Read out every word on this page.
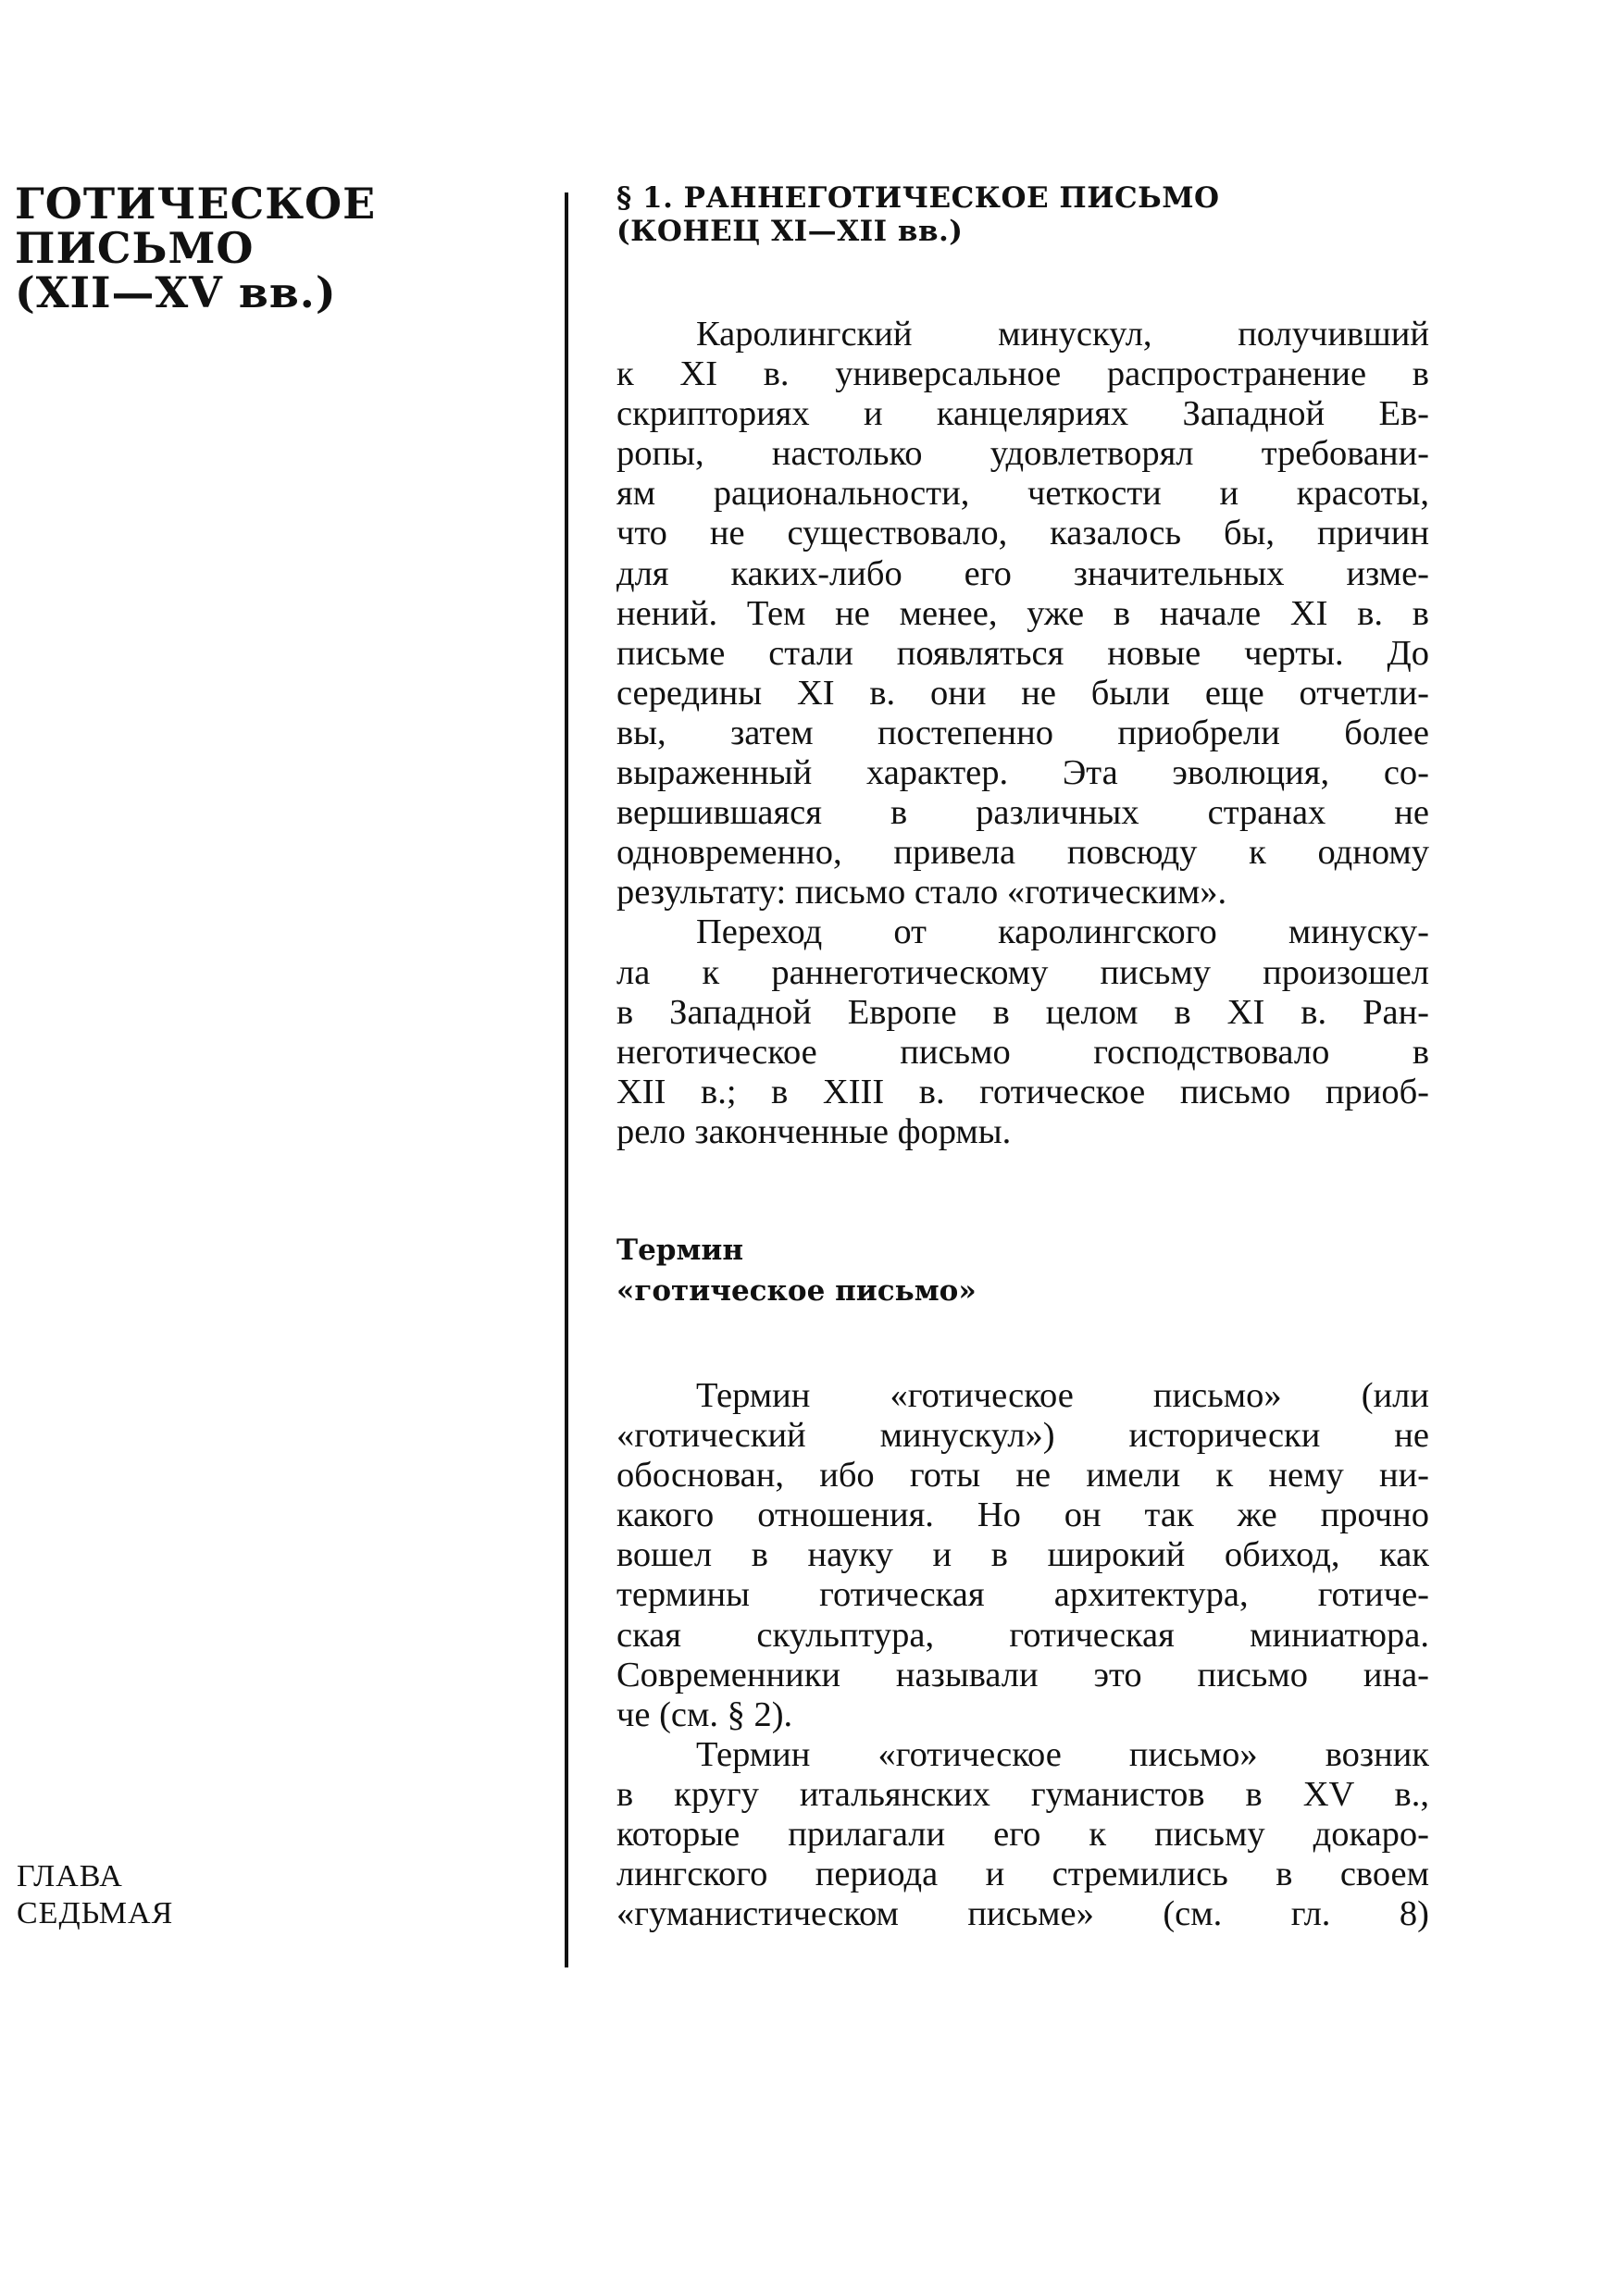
ГОТИЧЕСКОЕ
ПИСЬМО
(XII—XV вв.)
ГЛАВА
СЕДЬМАЯ
§ 1. РАННЕГОТИЧЕСКОЕ ПИСЬМО
(КОНЕЦ XI—XII вв.)

Каролингский минускул, получивший
к XI в. универсальное распространение в
скрипториях и канцеляриях Западной Ев-
ропы, настолько удовлетворял требовани-
ям рациональности, четкости и красоты,
что не существовало, казалось бы, причин
для каких-либо его значительных изме-
нений. Тем не менее, уже в начале XI в. в
письме стали появляться новые черты. До
середины XI в. они не были еще отчетли-
вы, затем постепенно приобрели более
выраженный характер. Эта эволюция, со-
вершившаяся в различных странах не
одновременно, привела повсюду к одному
результату: письмо стало «готическим».

Переход от каролингского минуску-
ла к раннеготическому письму произошел
в Западной Европе в целом в XI в. Ран-
неготическое письмо господствовало в
XII в.; в XIII в. готическое письмо приоб-
рело законченные формы.

Термин
«готическое письмо»

Термин «готическое письмо» (или
«готический минускул») исторически не
обоснован, ибо готы не имели к нему ни-
какого отношения. Но он так же прочно
вошел в науку и в широкий обиход, как
термины готическая архитектура, готиче-
ская скульптура, готическая миниатюра.
Современники называли это письмо ина-
че (см. § 2).

Термин «готическое письмо» возник
в кругу итальянских гуманистов в XV в.,
которые прилагали его к письму докаро-
лингского периода и стремились в своем
«гуманистическом письме» (см. гл. 8)
